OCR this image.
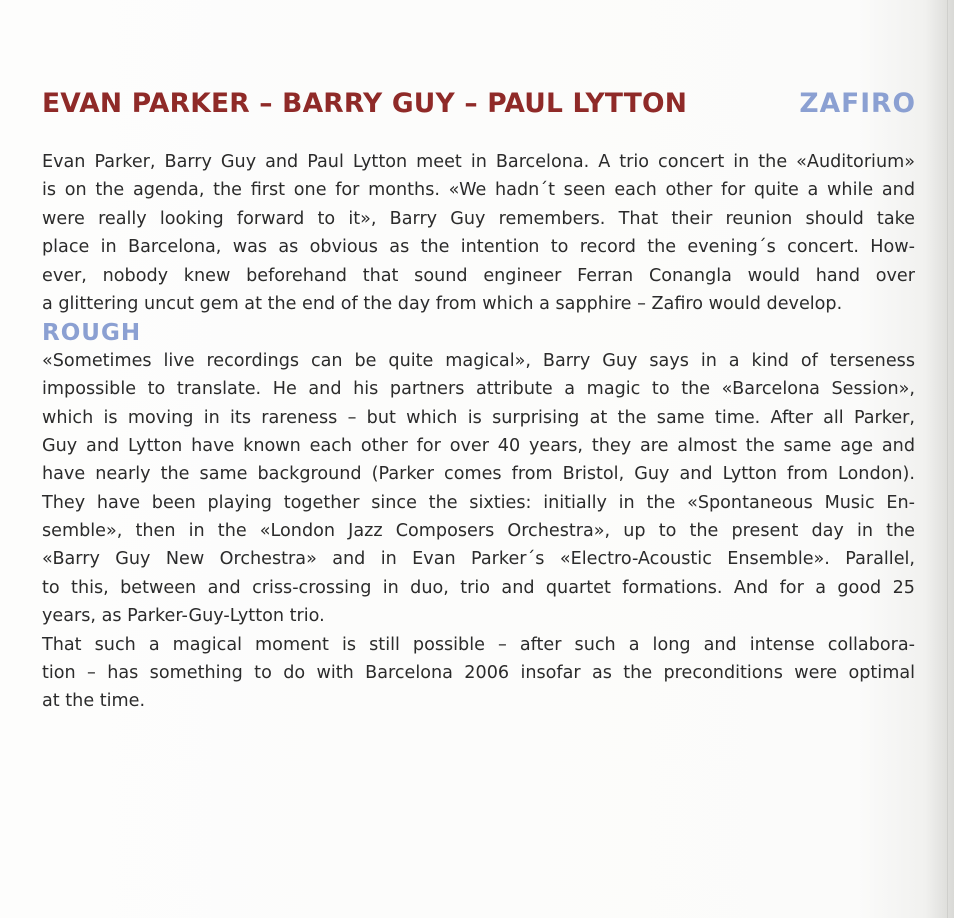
EVAN PARKER – BARRY GUY – PAUL LYTTON	ZAFIRO
Evan Parker, Barry Guy and Paul Lytton meet in Barcelona. A trio concert in the «Auditorium»
is on the agenda, the first one for months. «We hadn´t seen each other for quite a while and
were really looking forward to it», Barry Guy remembers. That their reunion should take
place in Barcelona, was as obvious as the intention to record the evening´s concert. How-
ever, nobody knew beforehand that sound engineer Ferran Conangla would hand over
a glittering uncut gem at the end of the day from which a sapphire – Zafiro would develop.
ROUGH
«Sometimes live recordings can be quite magical», Barry Guy says in a kind of terseness
impossible to translate. He and his partners attribute a magic to the «Barcelona Session»,
which is moving in its rareness – but which is surprising at the same time. After all Parker,
Guy and Lytton have known each other for over 40 years, they are almost the same age and
have nearly the same background (Parker comes from Bristol, Guy and Lytton from London).
They have been playing together since the sixties: initially in the «Spontaneous Music En-
semble», then in the «London Jazz Composers Orchestra», up to the present day in the
«Barry Guy New Orchestra» and in Evan Parker´s «Electro-Acoustic Ensemble». Parallel,
to this, between and criss-crossing in duo, trio and quartet formations. And for a good 25
years, as Parker-Guy-Lytton trio.
That such a magical moment is still possible – after such a long and intense collabora-
tion – has something to do with Barcelona 2006 insofar as the preconditions were optimal
at the time.
